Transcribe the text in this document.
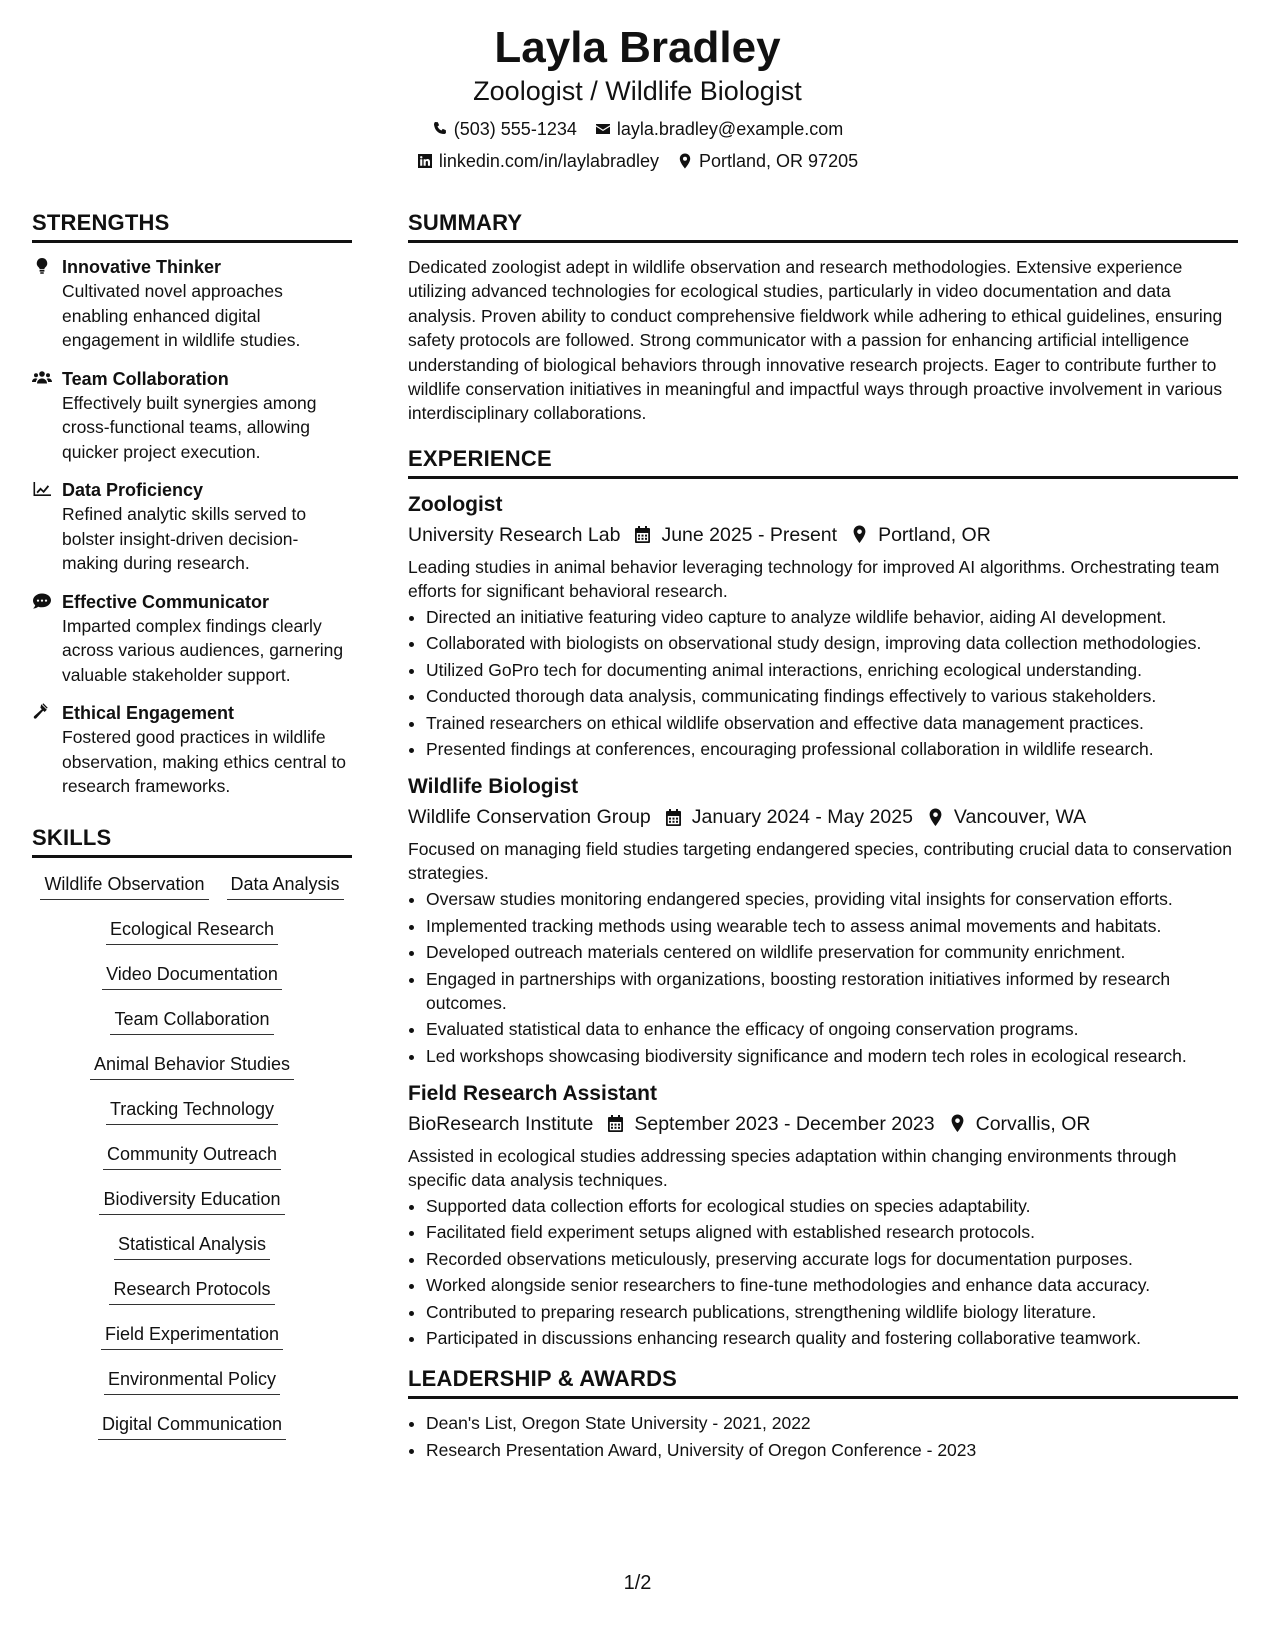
Layla Bradley
Zoologist / Wildlife Biologist
(503) 555-1234 layla.bradley@example.com
linkedin.com/in/laylabradley Portland, OR 97205
STRENGTHS
Innovative Thinker
Cultivated novel approaches enabling enhanced digital engagement in wildlife studies.
Team Collaboration
Effectively built synergies among cross-functional teams, allowing quicker project execution.
Data Proficiency
Refined analytic skills served to bolster insight-driven decision-making during research.
Effective Communicator
Imparted complex findings clearly across various audiences, garnering valuable stakeholder support.
Ethical Engagement
Fostered good practices in wildlife observation, making ethics central to research frameworks.
SKILLS
Wildlife Observation Data Analysis
Ecological Research
Video Documentation
Team Collaboration
Animal Behavior Studies
Tracking Technology
Community Outreach
Biodiversity Education
Statistical Analysis
Research Protocols
Field Experimentation
Environmental Policy
Digital Communication
SUMMARY
Dedicated zoologist adept in wildlife observation and research methodologies. Extensive experience utilizing advanced technologies for ecological studies, particularly in video documentation and data analysis. Proven ability to conduct comprehensive fieldwork while adhering to ethical guidelines, ensuring safety protocols are followed. Strong communicator with a passion for enhancing artificial intelligence understanding of biological behaviors through innovative research projects. Eager to contribute further to wildlife conservation initiatives in meaningful and impactful ways through proactive involvement in various interdisciplinary collaborations.
EXPERIENCE
Zoologist
University Research Lab June 2025 - Present Portland, OR
Leading studies in animal behavior leveraging technology for improved AI algorithms. Orchestrating team efforts for significant behavioral research.
• Directed an initiative featuring video capture to analyze wildlife behavior, aiding AI development.
• Collaborated with biologists on observational study design, improving data collection methodologies.
• Utilized GoPro tech for documenting animal interactions, enriching ecological understanding.
• Conducted thorough data analysis, communicating findings effectively to various stakeholders.
• Trained researchers on ethical wildlife observation and effective data management practices.
• Presented findings at conferences, encouraging professional collaboration in wildlife research.
Wildlife Biologist
Wildlife Conservation Group January 2024 - May 2025 Vancouver, WA
Focused on managing field studies targeting endangered species, contributing crucial data to conservation strategies.
• Oversaw studies monitoring endangered species, providing vital insights for conservation efforts.
• Implemented tracking methods using wearable tech to assess animal movements and habitats.
• Developed outreach materials centered on wildlife preservation for community enrichment.
• Engaged in partnerships with organizations, boosting restoration initiatives informed by research outcomes.
• Evaluated statistical data to enhance the efficacy of ongoing conservation programs.
• Led workshops showcasing biodiversity significance and modern tech roles in ecological research.
Field Research Assistant
BioResearch Institute September 2023 - December 2023 Corvallis, OR
Assisted in ecological studies addressing species adaptation within changing environments through specific data analysis techniques.
• Supported data collection efforts for ecological studies on species adaptability.
• Facilitated field experiment setups aligned with established research protocols.
• Recorded observations meticulously, preserving accurate logs for documentation purposes.
• Worked alongside senior researchers to fine-tune methodologies and enhance data accuracy.
• Contributed to preparing research publications, strengthening wildlife biology literature.
• Participated in discussions enhancing research quality and fostering collaborative teamwork.
LEADERSHIP & AWARDS
• Dean's List, Oregon State University - 2021, 2022
• Research Presentation Award, University of Oregon Conference - 2023
1/2
